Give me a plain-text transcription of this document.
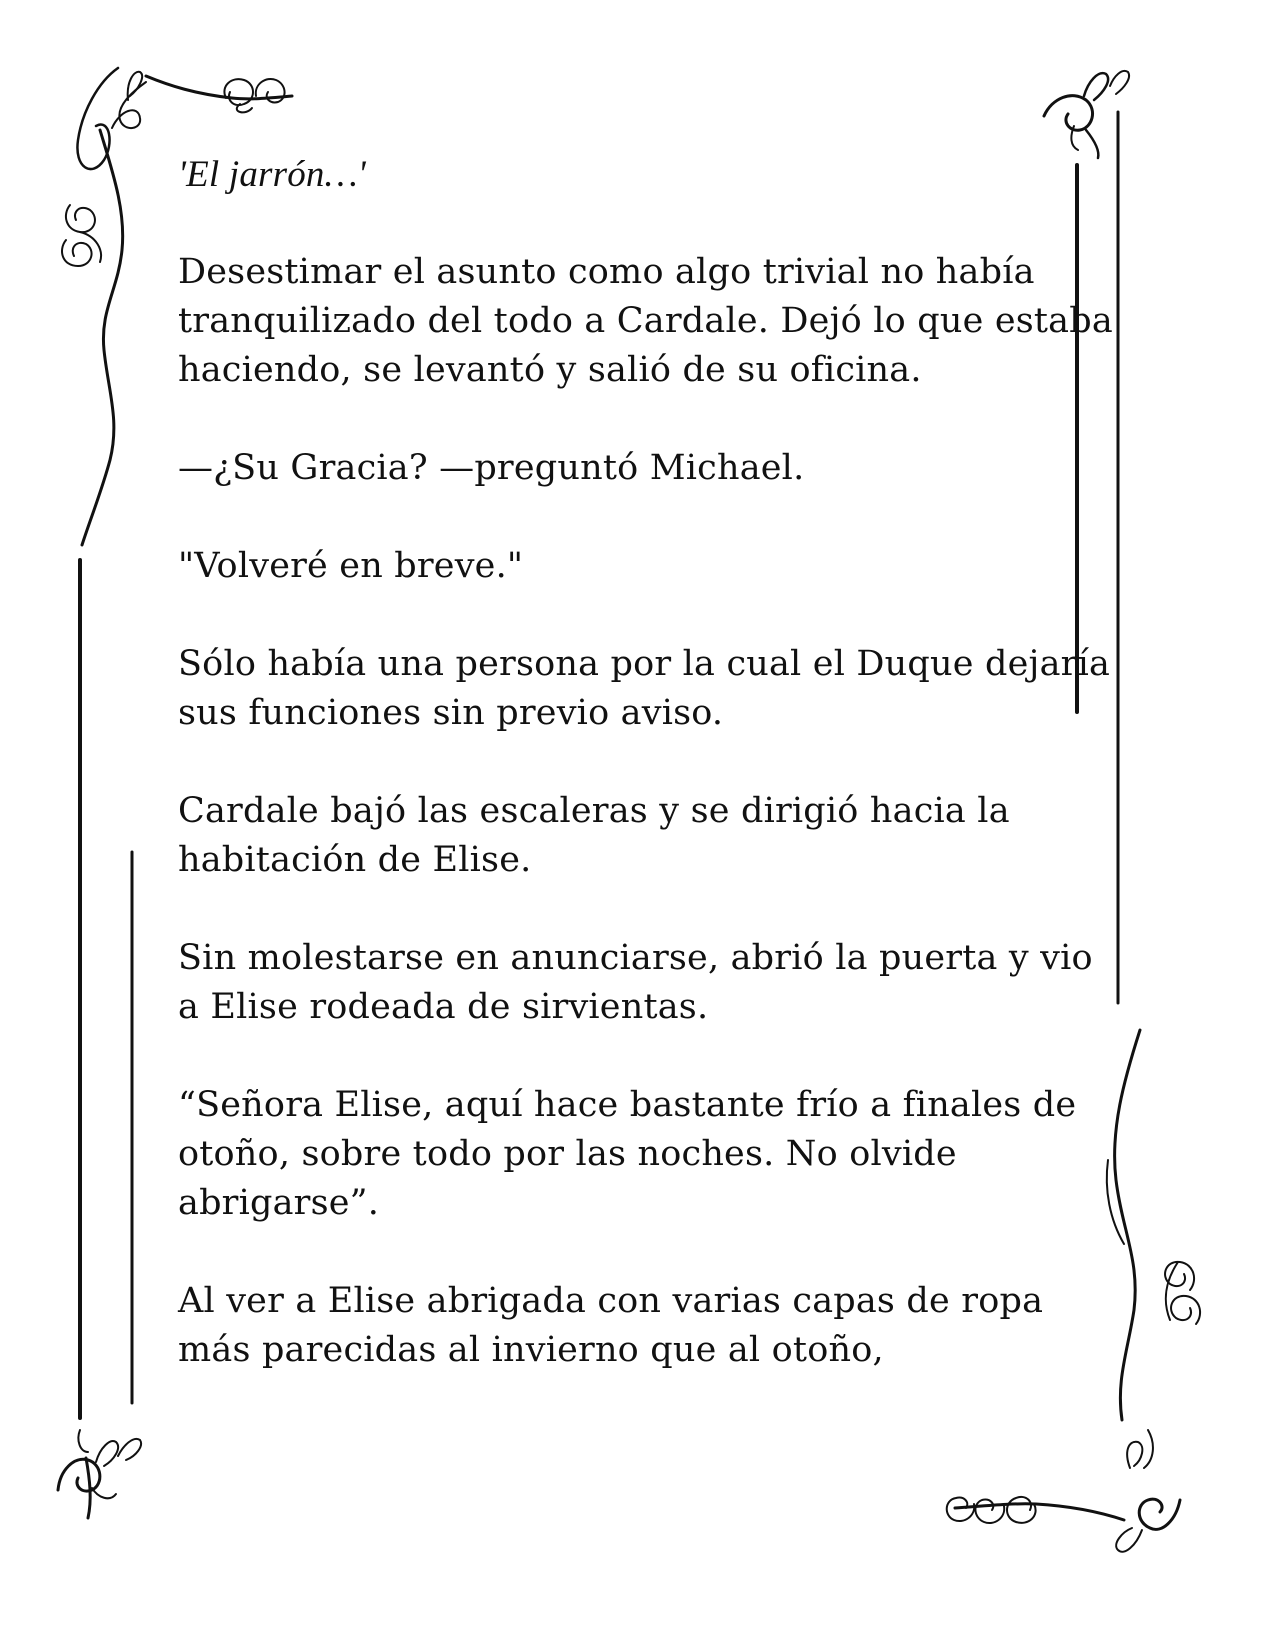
'El jarrón…'

Desestimar el asunto como algo trivial no había tranquilizado del todo a Cardale. Dejó lo que estaba haciendo, se levantó y salió de su oficina.

—¿Su Gracia? —preguntó Michael.

"Volveré en breve."

Sólo había una persona por la cual el Duque dejaría sus funciones sin previo aviso.

Cardale bajó las escaleras y se dirigió hacia la habitación de Elise.

Sin molestarse en anunciarse, abrió la puerta y vio a Elise rodeada de sirvientas.

“Señora Elise, aquí hace bastante frío a finales de otoño, sobre todo por las noches. No olvide abrigarse”.

Al ver a Elise abrigada con varias capas de ropa más parecidas al invierno que al otoño,
